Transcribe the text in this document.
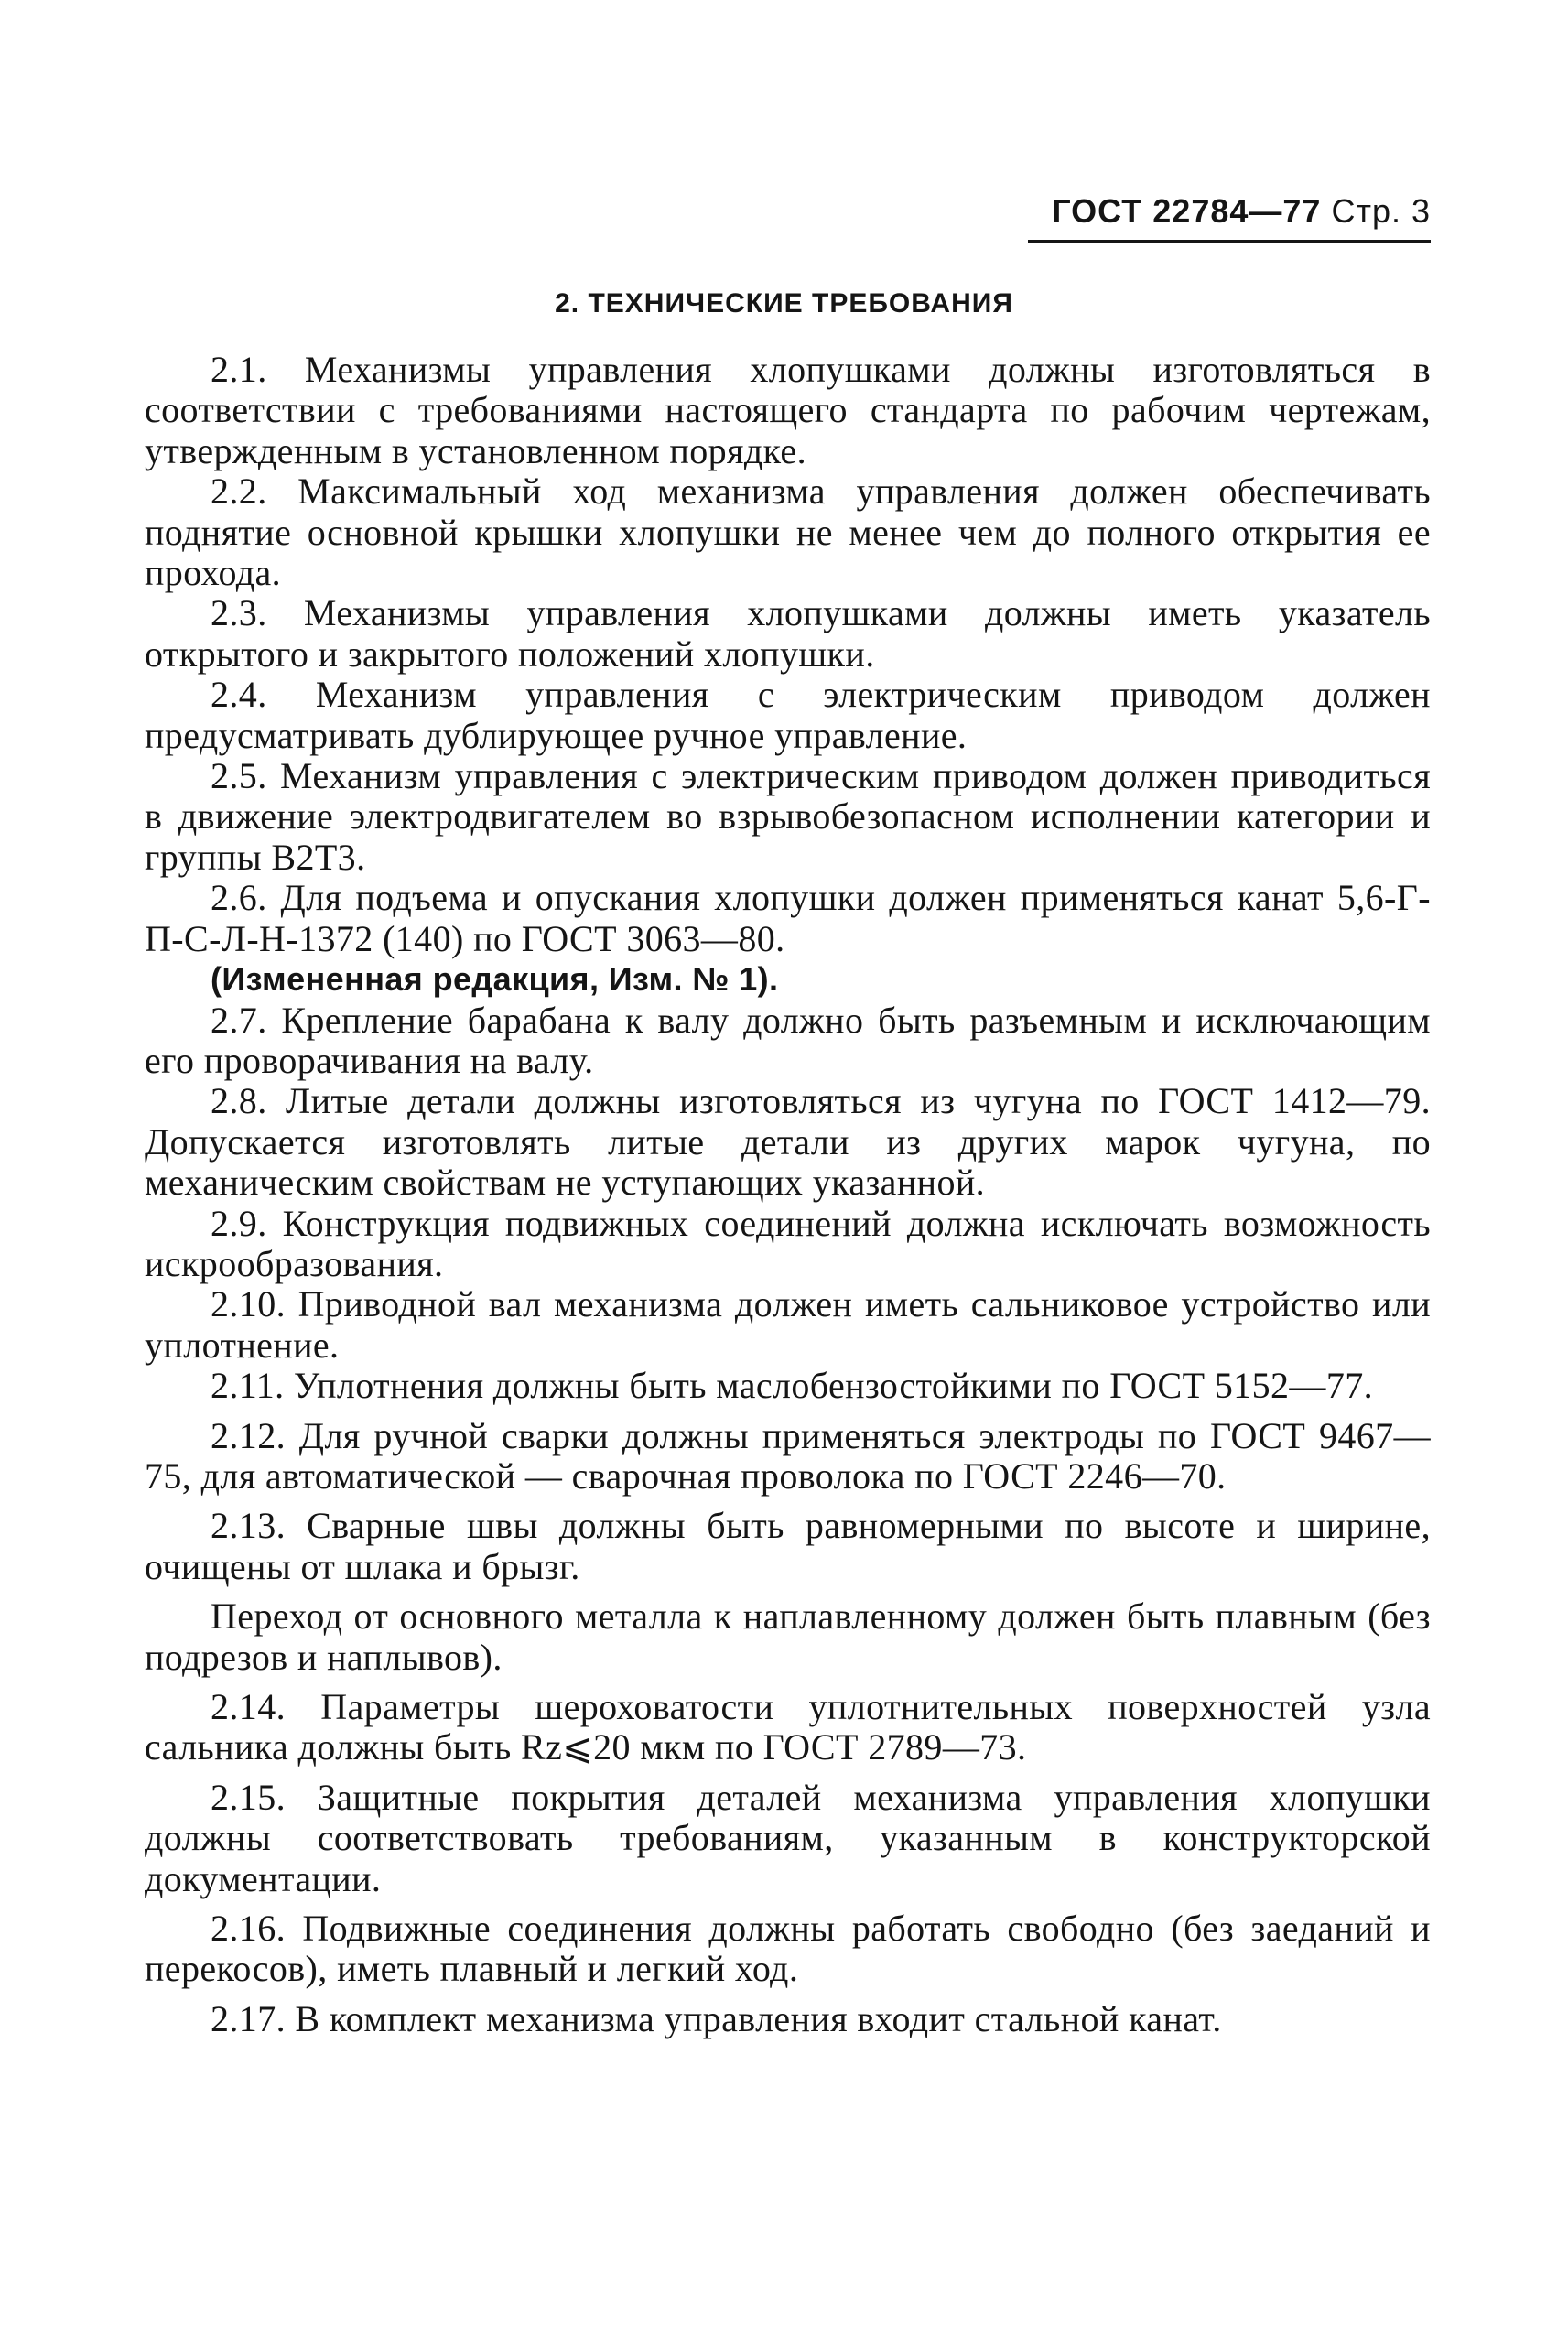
ГОСТ 22784—77 Стр. 3
2. ТЕХНИЧЕСКИЕ ТРЕБОВАНИЯ

2.1. Механизмы управления хлопушками должны изготовляться в соответствии с требованиями настоящего стандарта по рабочим чертежам, утвержденным в установленном порядке.

2.2. Максимальный ход механизма управления должен обеспечивать поднятие основной крышки хлопушки не менее чем до полного открытия ее прохода.

2.3. Механизмы управления хлопушками должны иметь указатель открытого и закрытого положений хлопушки.

2.4. Механизм управления с электрическим приводом должен предусматривать дублирующее ручное управление.

2.5. Механизм управления с электрическим приводом должен приводиться в движение электродвигателем во взрывобезопасном исполнении категории и группы В2Т3.

2.6. Для подъема и опускания хлопушки должен применяться канат 5,6-Г-П-С-Л-Н-1372 (140) по ГОСТ 3063—80.

(Измененная редакция, Изм. № 1).

2.7. Крепление барабана к валу должно быть разъемным и исключающим его проворачивания на валу.

2.8. Литые детали должны изготовляться из чугуна по ГОСТ 1412—79. Допускается изготовлять литые детали из других марок чугуна, по механическим свойствам не уступающих указанной.

2.9. Конструкция подвижных соединений должна исключать возможность искрообразования.

2.10. Приводной вал механизма должен иметь сальниковое устройство или уплотнение.

2.11. Уплотнения должны быть маслобензостойкими по ГОСТ 5152—77.

2.12. Для ручной сварки должны применяться электроды по ГОСТ 9467—75, для автоматической — сварочная проволока по ГОСТ 2246—70.

2.13. Сварные швы должны быть равномерными по высоте и ширине, очищены от шлака и брызг.

Переход от основного металла к наплавленному должен быть плавным (без подрезов и наплывов).

2.14. Параметры шероховатости уплотнительных поверхностей узла сальника должны быть Rz⩽20 мкм по ГОСТ 2789—73.

2.15. Защитные покрытия деталей механизма управления хлопушки должны соответствовать требованиям, указанным в конструкторской документации.

2.16. Подвижные соединения должны работать свободно (без заеданий и перекосов), иметь плавный и легкий ход.

2.17. В комплект механизма управления входит стальной канат.
